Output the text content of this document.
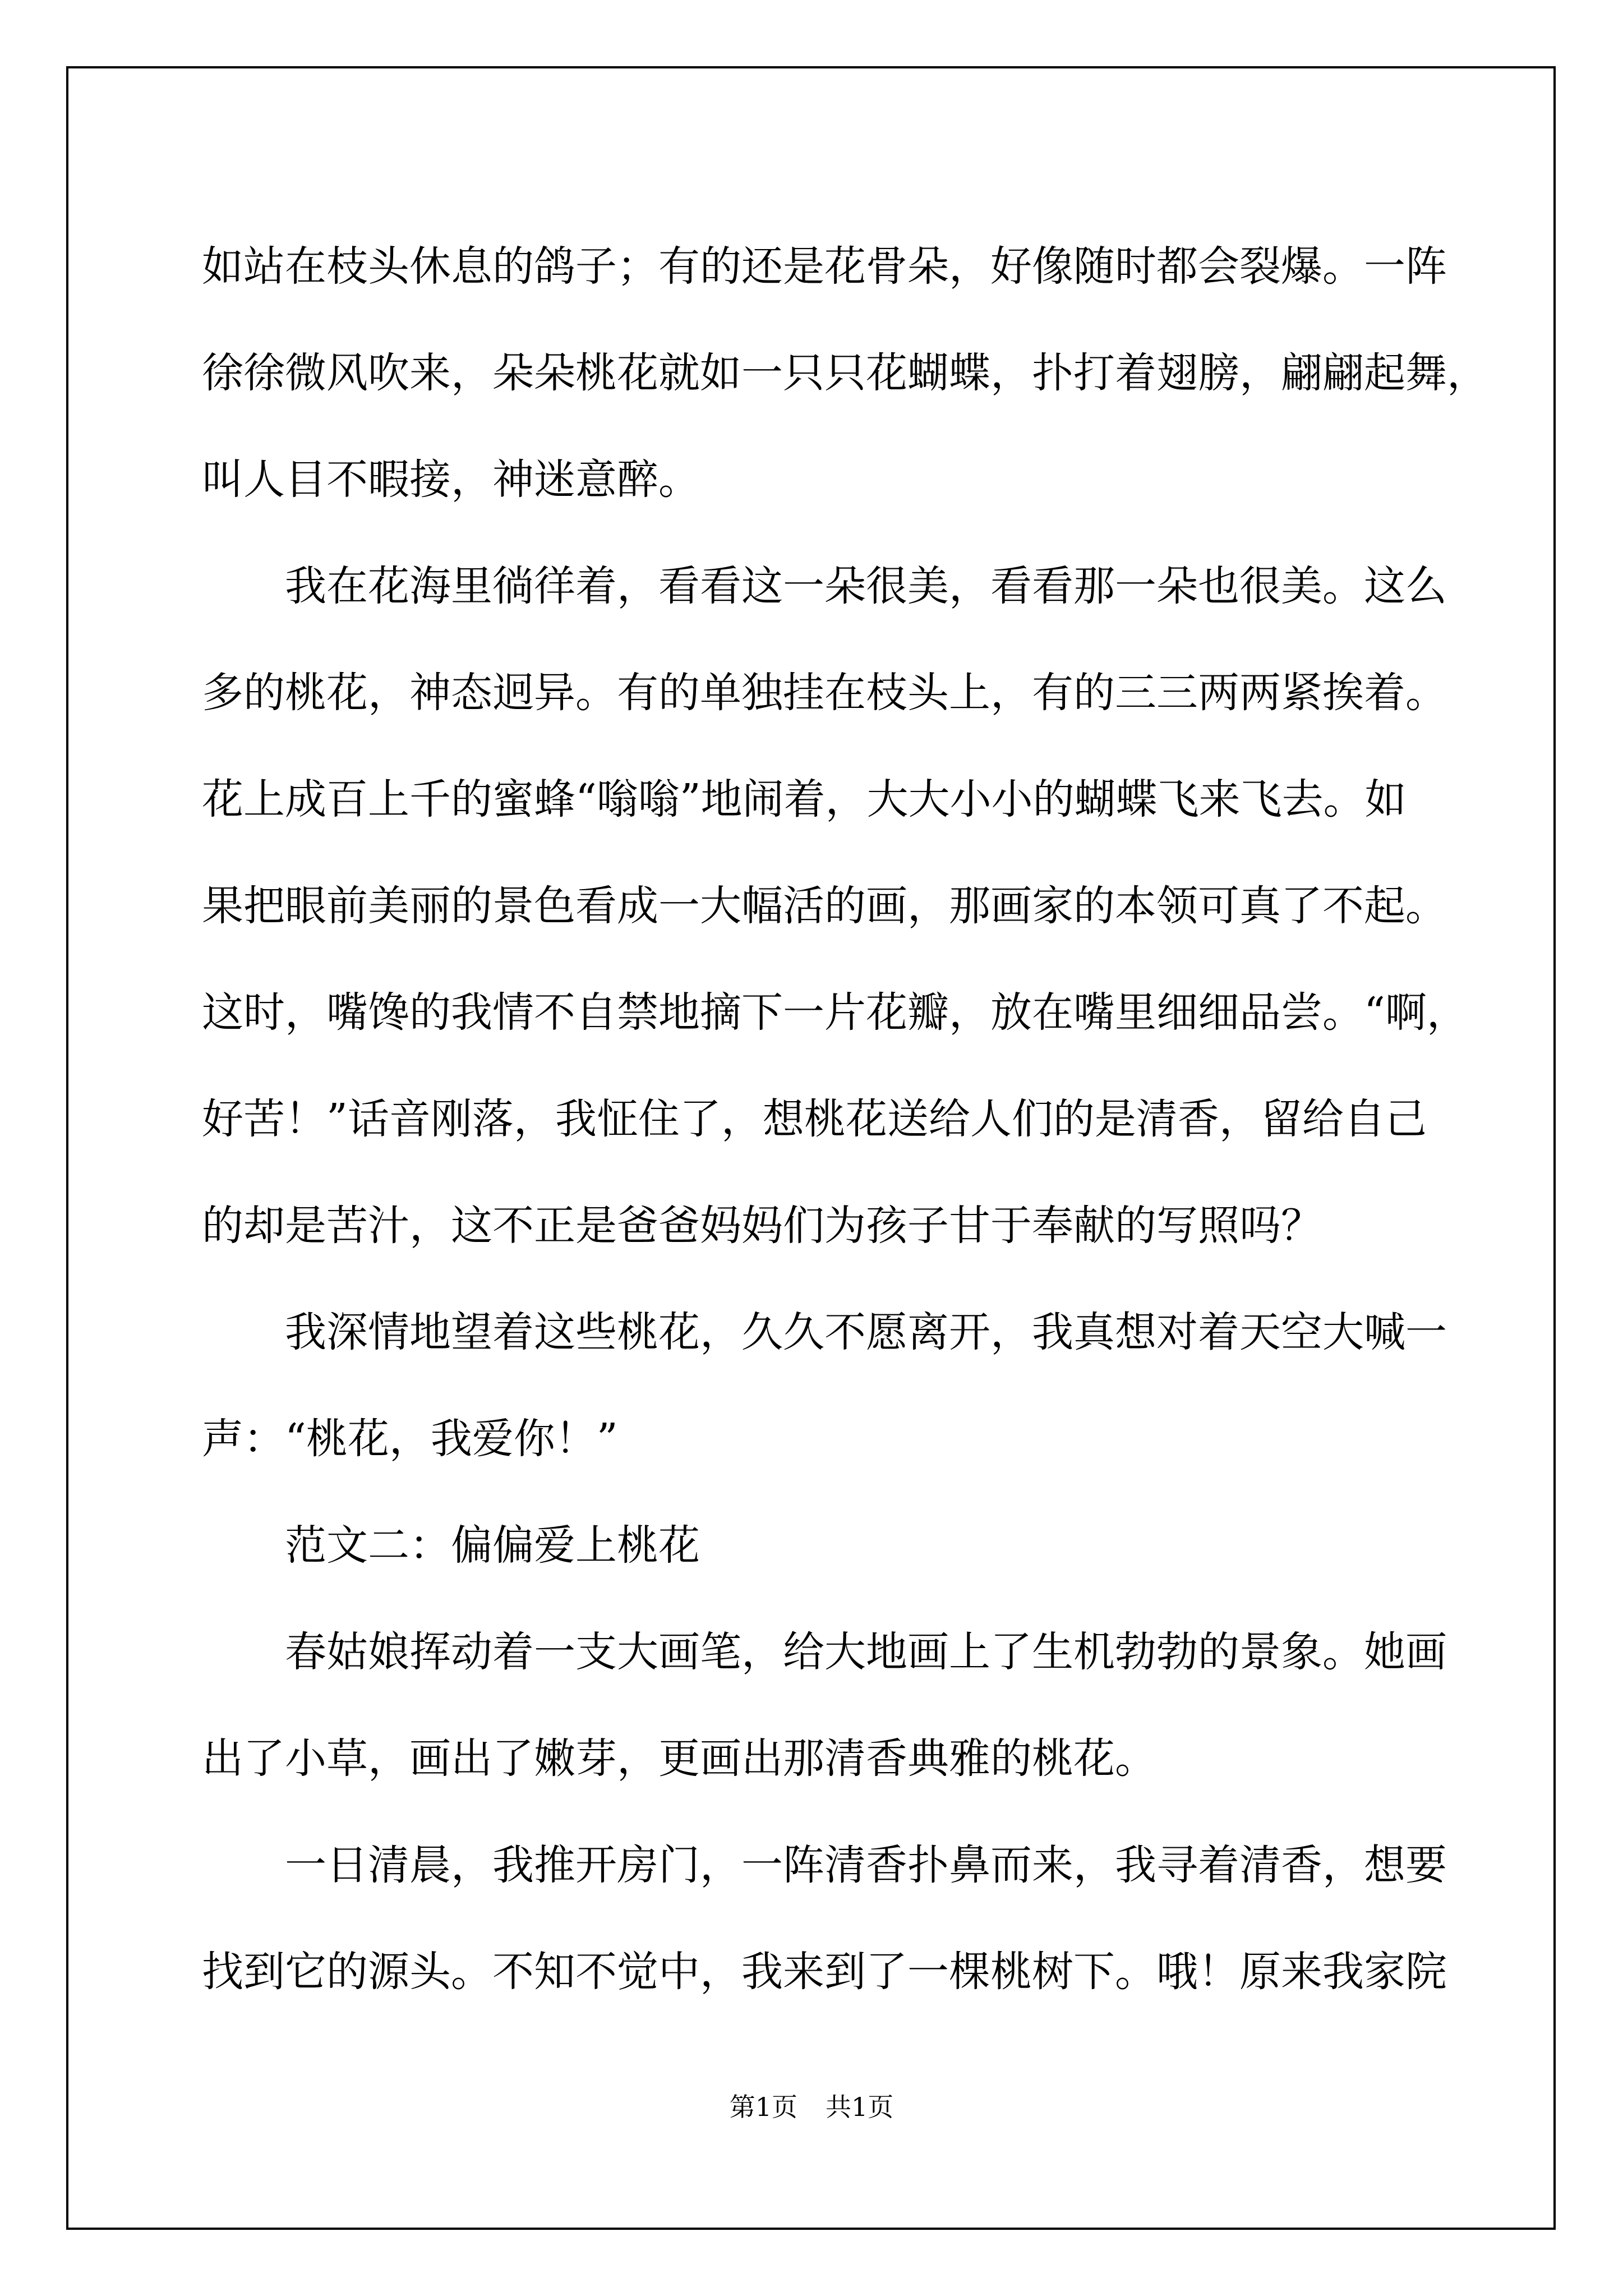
如站在枝头休息的鸽子；有的还是花骨朵，好像随时都会裂爆。一阵
徐徐微风吹来，朵朵桃花就如一只只花蝴蝶，扑打着翅膀，翩翩起舞，
叫人目不暇接，神迷意醉。
我在花海里徜徉着，看看这一朵很美，看看那一朵也很美。这么
多的桃花，神态迥异。有的单独挂在枝头上，有的三三两两紧挨着。
花上成百上千的蜜蜂“嗡嗡”地闹着，大大小小的蝴蝶飞来飞去。如
果把眼前美丽的景色看成一大幅活的画，那画家的本领可真了不起。
这时，嘴馋的我情不自禁地摘下一片花瓣，放在嘴里细细品尝。“啊，
好苦！”话音刚落，我怔住了，想桃花送给人们的是清香，留给自己
的却是苦汁，这不正是爸爸妈妈们为孩子甘于奉献的写照吗？
我深情地望着这些桃花，久久不愿离开，我真想对着天空大喊一
声：“桃花，我爱你！”
范文二：偏偏爱上桃花
春姑娘挥动着一支大画笔，给大地画上了生机勃勃的景象。她画
出了小草，画出了嫩芽，更画出那清香典雅的桃花。
一日清晨，我推开房门，一阵清香扑鼻而来，我寻着清香，想要
找到它的源头。不知不觉中，我来到了一棵桃树下。哦！原来我家院
第1页 共1页
